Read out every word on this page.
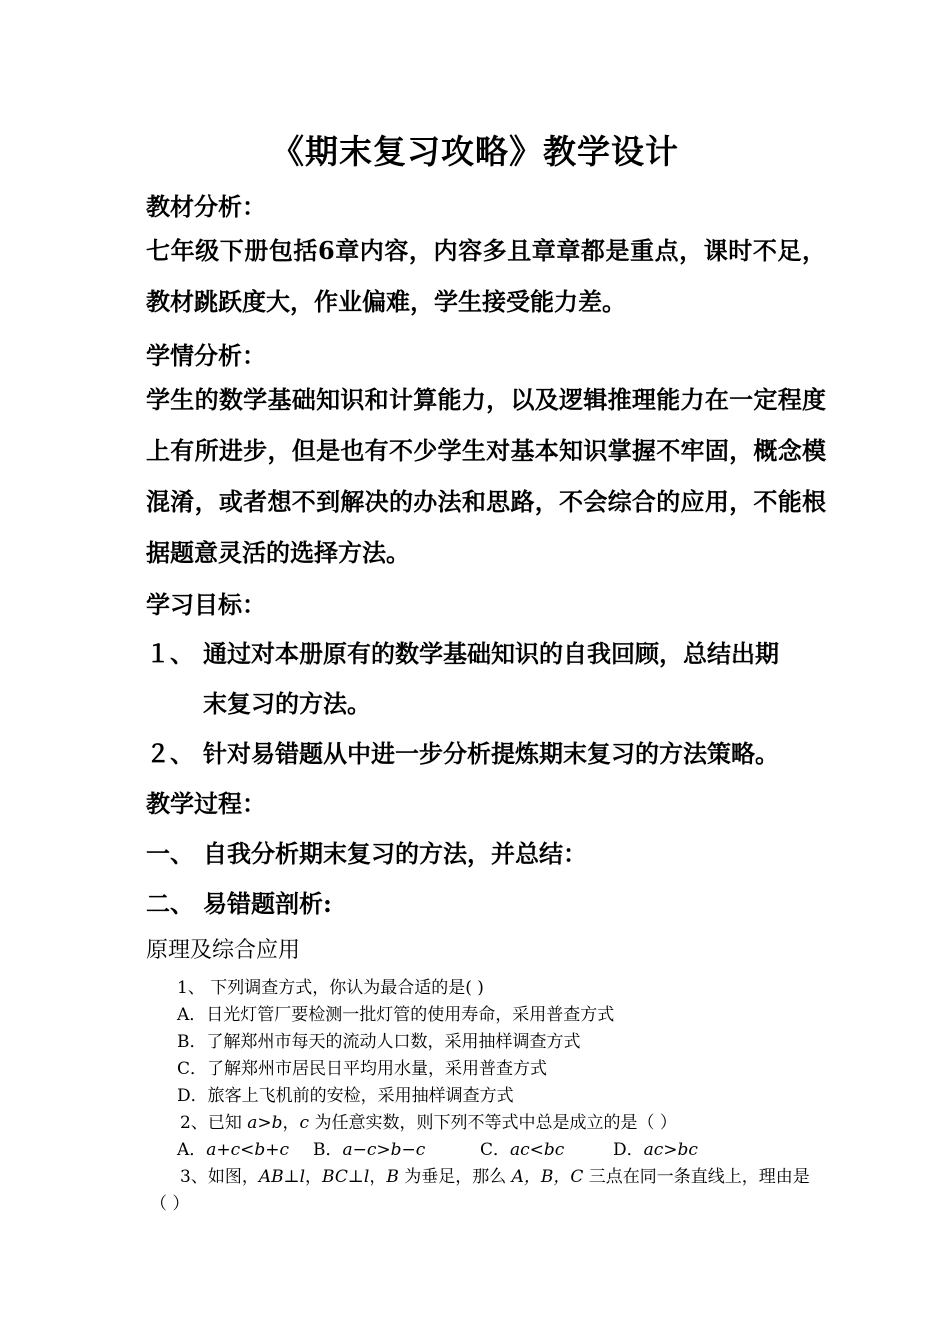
《期末复习攻略》教学设计
教材分析：
七年级下册包括6章内容，内容多且章章都是重点，课时不足，教材跳跃度大，作业偏难，学生接受能力差。
学情分析：
学生的数学基础知识和计算能力，以及逻辑推理能力在一定程度上有所进步，但是也有不少学生对基本知识掌握不牢固，概念模混淆，或者想不到解决的办法和思路，不会综合的应用，不能根据题意灵活的选择方法。
学习目标：
１、 通过对本册原有的数学基础知识的自我回顾，总结出期
末复习的方法。
２、 针对易错题从中进一步分析提炼期末复习的方法策略。
教学过程：
一、 自我分析期末复习的方法，并总结：
二、 易错题剖析:
原理及综合应用
1、 下列调查方式，你认为最合适的是( )
A．日光灯管厂要检测一批灯管的使用寿命，采用普查方式
B．了解郑州市每天的流动人口数，采用抽样调查方式
C．了解郑州市居民日平均用水量，采用普查方式
D．旅客上飞机前的安检，采用抽样调查方式
2、已知 a>b，c 为任意实数，则下列不等式中总是成立的是（ ）
A．a+c<b+c B．a−c>b−c	C．ac<bc	D．ac>bc
3、如图，AB⊥l，BC⊥l，B 为垂足，那么 A，B，C 三点在同一条直线上，理由是
（ ）
